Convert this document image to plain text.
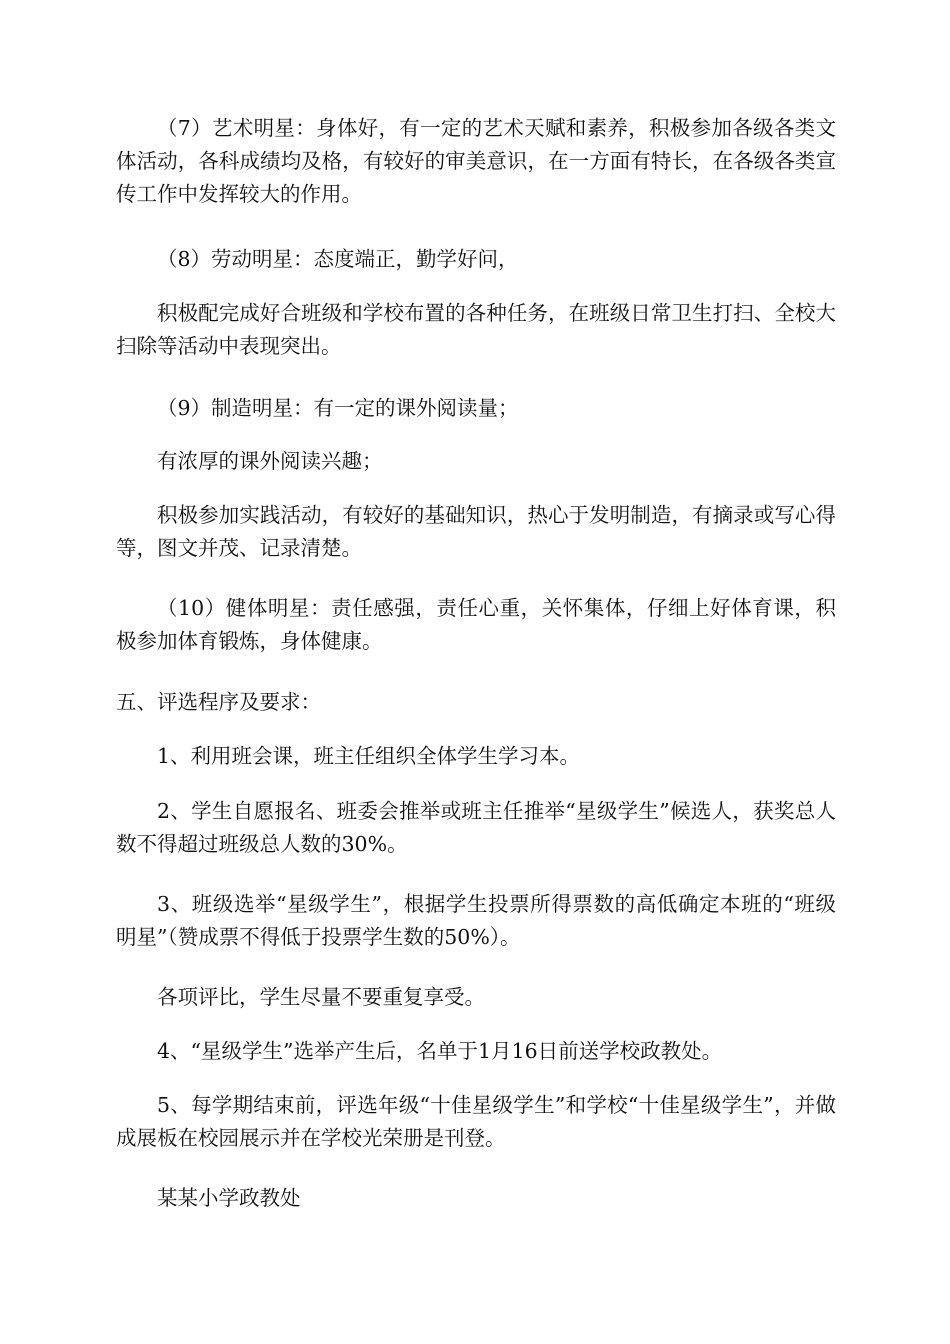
（7）艺术明星：身体好，有一定的艺术天赋和素养，积极参加各级各类文体活动，各科成绩均及格，有较好的审美意识，在一方面有特长，在各级各类宣传工作中发挥较大的作用。

（8）劳动明星：态度端正，勤学好问，

积极配完成好合班级和学校布置的各种任务，在班级日常卫生打扫、全校大扫除等活动中表现突出。

（9）制造明星：有一定的课外阅读量；

有浓厚的课外阅读兴趣；

积极参加实践活动，有较好的基础知识，热心于发明制造，有摘录或写心得等，图文并茂、记录清楚。

（10）健体明星：责任感强，责任心重，关怀集体，仔细上好体育课，积极参加体育锻炼，身体健康。

五、评选程序及要求：

1、利用班会课，班主任组织全体学生学习本。

2、学生自愿报名、班委会推举或班主任推举“星级学生”候选人，获奖总人数不得超过班级总人数的30%。

3、班级选举“星级学生”，根据学生投票所得票数的高低确定本班的“班级明星”（赞成票不得低于投票学生数的50%）。

各项评比，学生尽量不要重复享受。

4、“星级学生”选举产生后，名单于1月16日前送学校政教处。

5、每学期结束前，评选年级“十佳星级学生”和学校“十佳星级学生”，并做成展板在校园展示并在学校光荣册是刊登。

某某小学政教处
